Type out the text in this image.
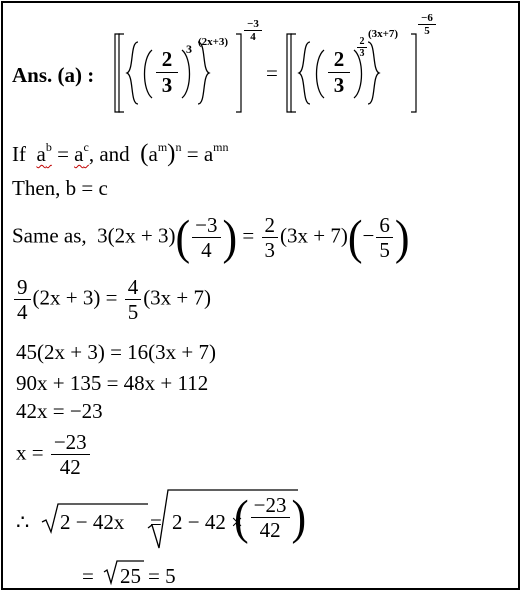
Ans. (a) :	$\frac{2}{3} 3$ $(2x+3) \frac{-3}{4}$
= $\frac{2}{3}$
2
3
$(3x+7) \frac{-6}{5}$
If $a^b = a^c$, and $(a^m)^n = a^{mn}$
Then, b = c
Same as, $3(2x + 3)( \frac{-3}{4}$ ) = $\frac{2}{3} (3x + 7)(- \frac{6}{5}$ )
$\frac{9}{4} (2x + 3) = \frac{4}{5} (3x + 7)$
45(2x + 3) = 16(3x + 7)
90x + 135 = 48x + 112
42x = −23
$x = \frac{-23}{42}$
∴ 2 − 42x = 2 − 42 ×
( $\frac{-23}{42}$ )
= 25 = 5
